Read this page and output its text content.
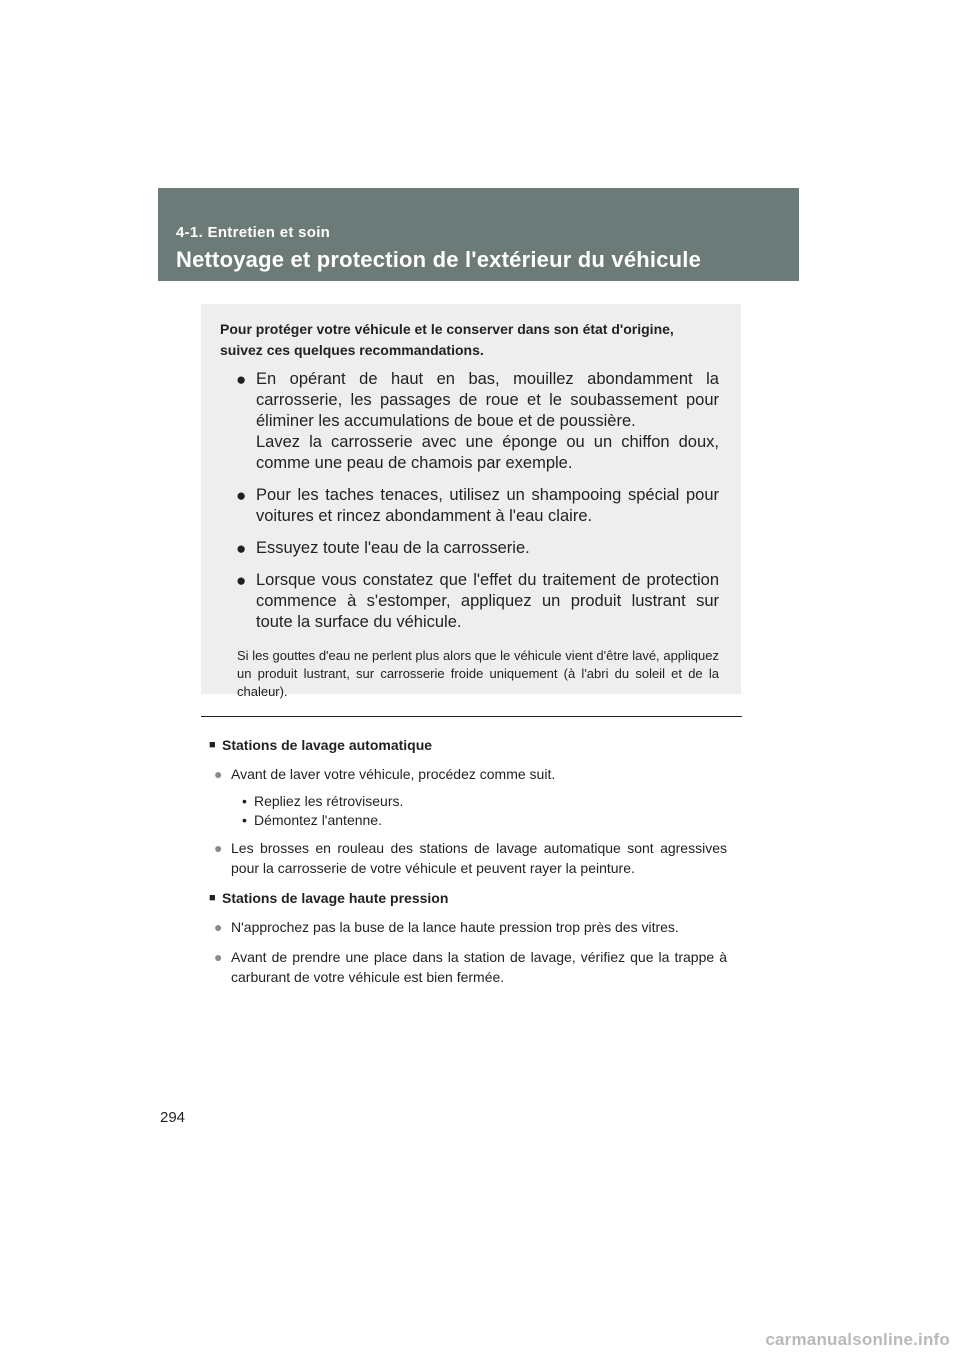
4-1. Entretien et soin
Nettoyage et protection de l'extérieur du véhicule

Pour protéger votre véhicule et le conserver dans son état d'origine, suivez ces quelques recommandations.

● En opérant de haut en bas, mouillez abondamment la carrosserie, les passages de roue et le soubassement pour éliminer les accumulations de boue et de poussière.

Lavez la carrosserie avec une éponge ou un chiffon doux, comme une peau de chamois par exemple.

● Pour les taches tenaces, utilisez un shampooing spécial pour voitures et rincez abondamment à l'eau claire.

● Essuyez toute l'eau de la carrosserie.

● Lorsque vous constatez que l'effet du traitement de protection commence à s'estomper, appliquez un produit lustrant sur toute la surface du véhicule.

Si les gouttes d'eau ne perlent plus alors que le véhicule vient d'être lavé, appliquez un produit lustrant, sur carrosserie froide uniquement (à l'abri du soleil et de la chaleur).
■ Stations de lavage automatique
● Avant de laver votre véhicule, procédez comme suit.
• Repliez les rétroviseurs.
• Démontez l'antenne.
● Les brosses en rouleau des stations de lavage automatique sont agressives pour la carrosserie de votre véhicule et peuvent rayer la peinture.
■ Stations de lavage haute pression
● N'approchez pas la buse de la lance haute pression trop près des vitres.
● Avant de prendre une place dans la station de lavage, vérifiez que la trappe à carburant de votre véhicule est bien fermée.
294
carmanualsonline.info
